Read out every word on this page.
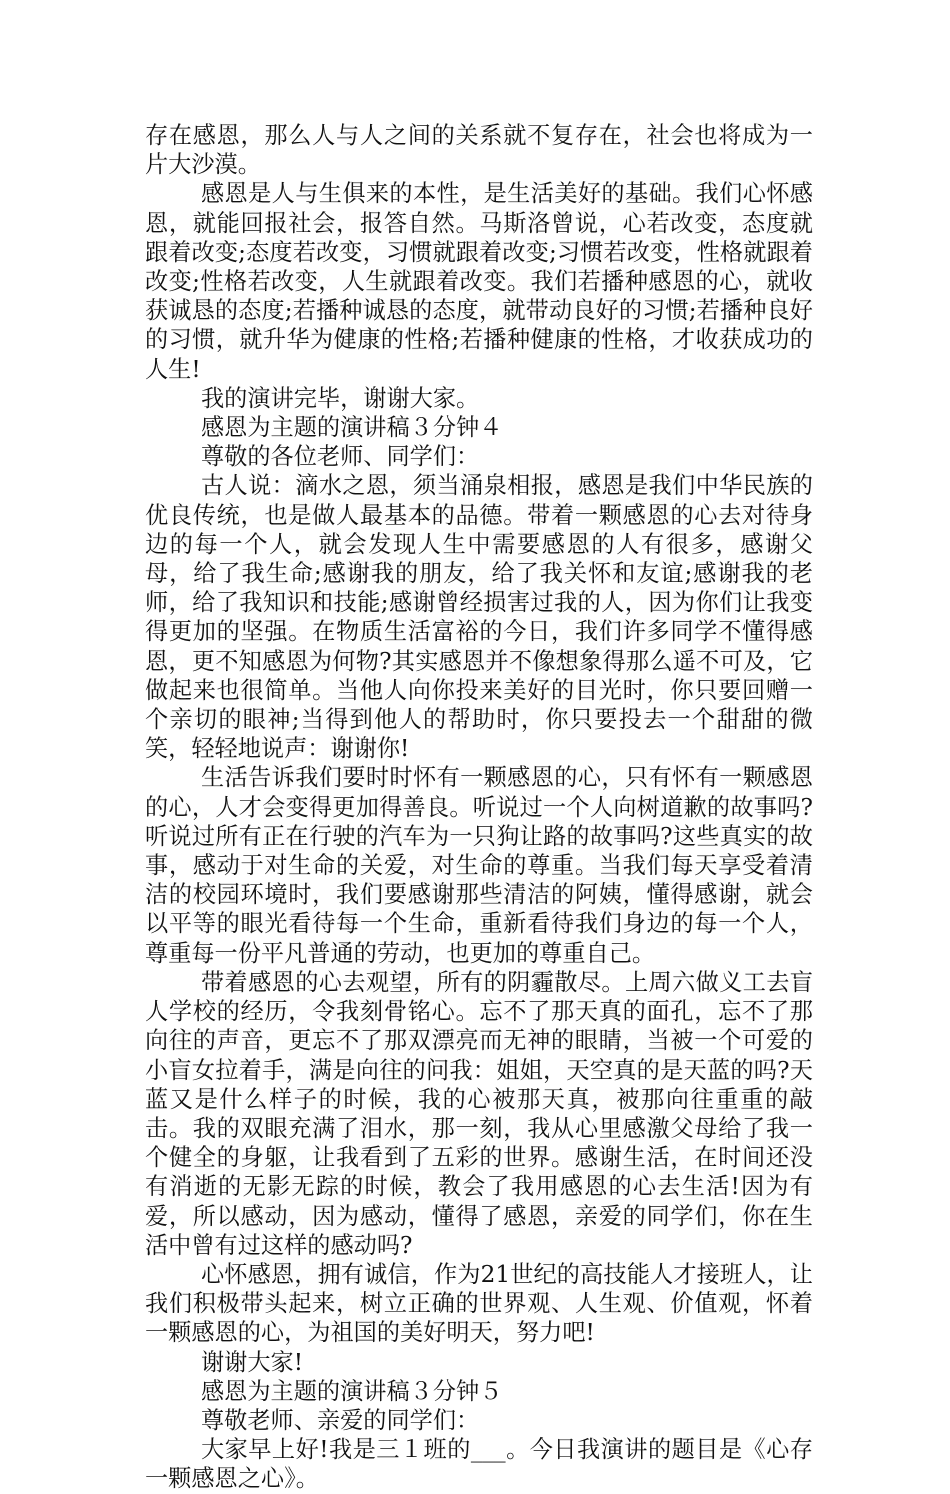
存在感恩，那么人与人之间的关系就不复存在，社会也将成为一片大沙漠。

感恩是人与生俱来的本性，是生活美好的基础。我们心怀感恩，就能回报社会，报答自然。马斯洛曾说，心若改变，态度就跟着改变;态度若改变，习惯就跟着改变;习惯若改变，性格就跟着改变;性格若改变，人生就跟着改变。我们若播种感恩的心，就收获诚恳的态度;若播种诚恳的态度，就带动良好的习惯;若播种良好的习惯，就升华为健康的性格;若播种健康的性格，才收获成功的人生!

我的演讲完毕，谢谢大家。

感恩为主题的演讲稿３分钟４

尊敬的各位老师、同学们：

古人说：滴水之恩，须当涌泉相报，感恩是我们中华民族的优良传统，也是做人最基本的品德。带着一颗感恩的心去对待身边的每一个人，就会发现人生中需要感恩的人有很多，感谢父母，给了我生命;感谢我的朋友，给了我关怀和友谊;感谢我的老师，给了我知识和技能;感谢曾经损害过我的人，因为你们让我变得更加的坚强。在物质生活富裕的今日，我们许多同学不懂得感恩，更不知感恩为何物?其实感恩并不像想象得那么遥不可及，它做起来也很简单。当他人向你投来美好的目光时，你只要回赠一个亲切的眼神;当得到他人的帮助时，你只要投去一个甜甜的微笑，轻轻地说声：谢谢你!

生活告诉我们要时时怀有一颗感恩的心，只有怀有一颗感恩的心，人才会变得更加得善良。听说过一个人向树道歉的故事吗?听说过所有正在行驶的汽车为一只狗让路的故事吗?这些真实的故事，感动于对生命的关爱，对生命的尊重。当我们每天享受着清洁的校园环境时，我们要感谢那些清洁的阿姨，懂得感谢，就会以平等的眼光看待每一个生命，重新看待我们身边的每一个人，尊重每一份平凡普通的劳动，也更加的尊重自己。

带着感恩的心去观望，所有的阴霾散尽。上周六做义工去盲人学校的经历，令我刻骨铭心。忘不了那天真的面孔，忘不了那向往的声音，更忘不了那双漂亮而无神的眼睛，当被一个可爱的小盲女拉着手，满是向往的问我：姐姐，天空真的是天蓝的吗?天蓝又是什么样子的时候，我的心被那天真，被那向往重重的敲击。我的双眼充满了泪水，那一刻，我从心里感激父母给了我一个健全的身躯，让我看到了五彩的世界。感谢生活，在时间还没有消逝的无影无踪的时候，教会了我用感恩的心去生活!因为有爱，所以感动，因为感动，懂得了感恩，亲爱的同学们，你在生活中曾有过这样的感动吗?

心怀感恩，拥有诚信，作为21世纪的高技能人才接班人，让我们积极带头起来，树立正确的世界观、人生观、价值观，怀着一颗感恩的心，为祖国的美好明天，努力吧!

谢谢大家!

感恩为主题的演讲稿３分钟５

尊敬老师、亲爱的同学们：

大家早上好!我是三１班的___。今日我演讲的题目是《心存一颗感恩之心》。
